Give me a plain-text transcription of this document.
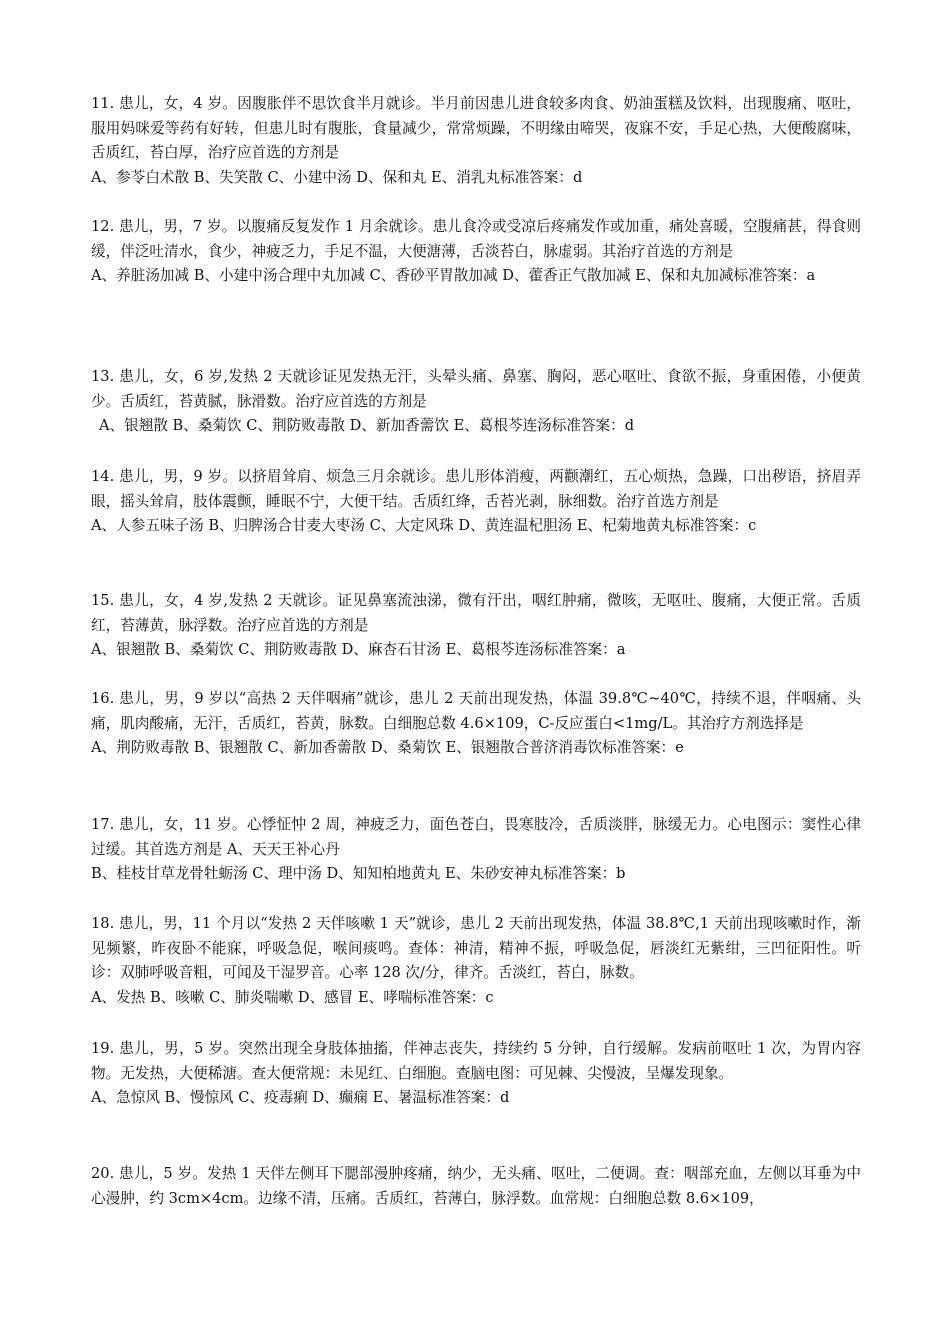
11. 患儿，女，4 岁。因腹胀伴不思饮食半月就诊。半月前因患儿进食较多肉食、奶油蛋糕及饮料，出现腹痛、呕吐，服用妈咪爱等药有好转，但患儿时有腹胀，食量减少，常常烦躁，不明缘由啼哭，夜寐不安，手足心热，大便酸腐味，舌质红，苔白厚，治疗应首选的方剂是

A、参苓白术散 B、失笑散 C、小建中汤 D、保和丸 E、消乳丸标准答案：d

12. 患儿，男，7 岁。以腹痛反复发作 1 月余就诊。患儿食冷或受凉后疼痛发作或加重，痛处喜暖，空腹痛甚，得食则缓，伴泛吐清水，食少，神疲乏力，手足不温，大便溏薄，舌淡苔白，脉虚弱。其治疗首选的方剂是

A、养脏汤加减 B、小建中汤合理中丸加减 C、香砂平胃散加减 D、藿香正气散加减 E、保和丸加减标准答案：a

13. 患儿，女，6 岁,发热 2 天就诊证见发热无汗，头晕头痛、鼻塞、胸闷，恶心呕吐、食欲不振，身重困倦，小便黄少。舌质红，苔黄腻，脉滑数。治疗应首选的方剂是

A、银翘散 B、桑菊饮 C、荆防败毒散 D、新加香薷饮 E、葛根芩连汤标准答案：d

14. 患儿，男，9 岁。以挤眉耸肩、烦急三月余就诊。患儿形体消瘦，两颧潮红，五心烦热，急躁，口出秽语，挤眉弄眼，摇头耸肩，肢体震颤，睡眠不宁，大便干结。舌质红绛，舌苔光剥，脉细数。治疗首选方剂是

A、人参五味子汤 B、归脾汤合甘麦大枣汤 C、大定风珠 D、黄连温杞胆汤 E、杞菊地黄丸标准答案：c

15. 患儿，女，4 岁,发热 2 天就诊。证见鼻塞流浊涕，微有汗出，咽红肿痛，微咳，无呕吐、腹痛，大便正常。舌质红，苔薄黄，脉浮数。治疗应首选的方剂是

A、银翘散 B、桑菊饮 C、荆防败毒散 D、麻杏石甘汤 E、葛根芩连汤标准答案：a

16. 患儿，男，9 岁以“高热 2 天伴咽痛”就诊，患儿 2 天前出现发热，体温 39.8℃~40℃，持续不退，伴咽痛、头痛，肌肉酸痛，无汗，舌质红，苔黄，脉数。白细胞总数 4.6×109，C-反应蛋白<1mg/L。其治疗方剂选择是

A、荆防败毒散 B、银翘散 C、新加香薷散 D、桑菊饮 E、银翘散合普济消毒饮标准答案：e

17. 患儿，女，11 岁。心悸怔忡 2 周，神疲乏力，面色苍白，畏寒肢冷，舌质淡胖，脉缓无力。心电图示：窦性心律过缓。其首选方剂是 A、天天王补心丹

B、桂枝甘草龙骨牡蛎汤 C、理中汤 D、知知柏地黄丸 E、朱砂安神丸标准答案：b

18. 患儿，男，11 个月以“发热 2 天伴咳嗽 1 天”就诊，患儿 2 天前出现发热，体温 38.8℃,1 天前出现咳嗽时作，渐见频繁，昨夜卧不能寐，呼吸急促，喉间痰鸣。查体：神清，精神不振，呼吸急促，唇淡红无紫绀，三凹征阳性。听诊：双肺呼吸音粗，可闻及干湿罗音。心率 128 次/分，律齐。舌淡红，苔白，脉数。

A、发热 B、咳嗽 C、肺炎喘嗽 D、感冒 E、哮喘标准答案：c

19. 患儿，男，5 岁。突然出现全身肢体抽搐，伴神志丧失，持续约 5 分钟，自行缓解。发病前呕吐 1 次，为胃内容物。无发热，大便稀溏。查大便常规：未见红、白细胞。查脑电图：可见棘、尖慢波，呈爆发现象。

A、急惊风 B、慢惊风 C、疫毒痢 D、癫痫 E、暑温标准答案：d

20. 患儿，5 岁。发热 1 天伴左侧耳下腮部漫肿疼痛，纳少，无头痛、呕吐，二便调。查：咽部充血，左侧以耳垂为中心漫肿，约 3cm×4cm。边缘不清，压痛。舌质红，苔薄白，脉浮数。血常规：白细胞总数 8.6×109，
